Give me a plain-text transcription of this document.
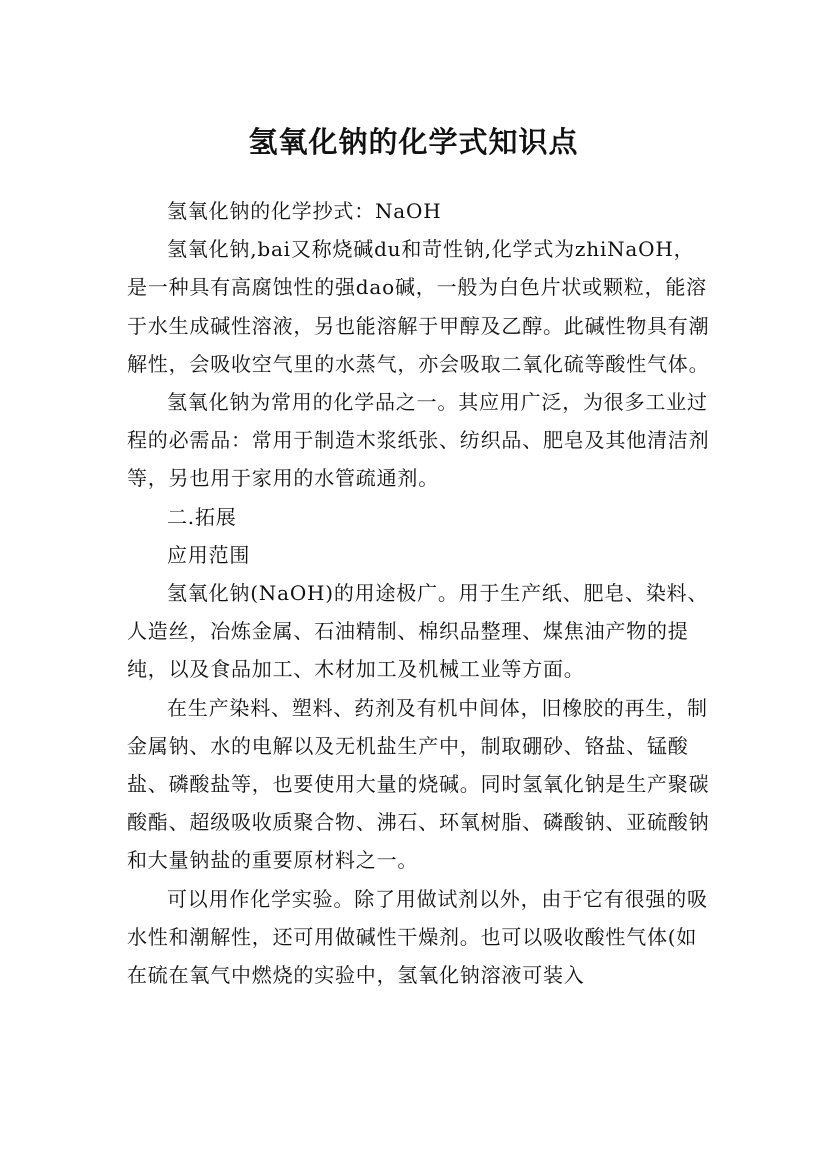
氢氧化钠的化学式知识点

氢氧化钠的化学抄式：NaOH

氢氧化钠,bai又称烧碱du和苛性钠,化学式为zhiNaOH，是一种具有高腐蚀性的强dao碱，一般为白色片状或颗粒，能溶于水生成碱性溶液，另也能溶解于甲醇及乙醇。此碱性物具有潮解性，会吸收空气里的水蒸气，亦会吸取二氧化硫等酸性气体。

氢氧化钠为常用的化学品之一。其应用广泛，为很多工业过程的必需品：常用于制造木浆纸张、纺织品、肥皂及其他清洁剂等，另也用于家用的水管疏通剂。

二.拓展

应用范围

氢氧化钠(NaOH)的用途极广。用于生产纸、肥皂、染料、人造丝，冶炼金属、石油精制、棉织品整理、煤焦油产物的提纯，以及食品加工、木材加工及机械工业等方面。

在生产染料、塑料、药剂及有机中间体，旧橡胶的再生，制金属钠、水的电解以及无机盐生产中，制取硼砂、铬盐、锰酸盐、磷酸盐等，也要使用大量的烧碱。同时氢氧化钠是生产聚碳酸酯、超级吸收质聚合物、沸石、环氧树脂、磷酸钠、亚硫酸钠和大量钠盐的重要原材料之一。

可以用作化学实验。除了用做试剂以外，由于它有很强的吸水性和潮解性，还可用做碱性干燥剂。也可以吸收酸性气体(如在硫在氧气中燃烧的实验中，氢氧化钠溶液可装入
